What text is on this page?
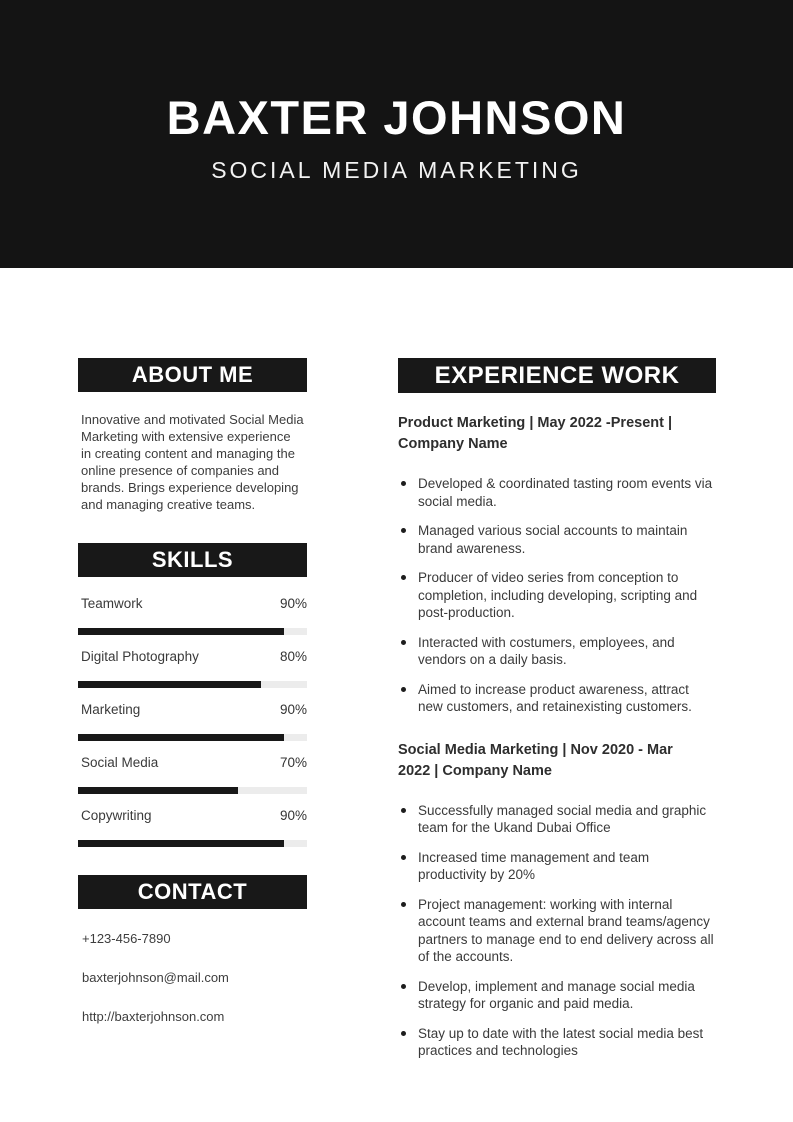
BAXTER JOHNSON
SOCIAL MEDIA MARKETING
ABOUT ME

Innovative and motivated Social Media Marketing with extensive experience in creating content and managing the online presence of companies and brands. Brings experience developing and managing creative teams.

SKILLS
Teamwork	90%
Digital Photography	80%
Marketing	90%
Social Media	70%
Copywriting	90%
CONTACT
+123-456-7890
baxterjohnson@mail.com
http://baxterjohnson.com
EXPERIENCE WORK
Product Marketing | May 2022 -Present | Company Name
Developed & coordinated tasting room events via social media.
Managed various social accounts to maintain brand awareness.
Producer of video series from conception to completion, including developing, scripting and post-production.
Interacted with costumers, employees, and vendors on a daily basis.
Aimed to increase product awareness, attract new customers, and retainexisting customers.
Social Media Marketing | Nov 2020 - Mar 2022 | Company Name
Successfully managed social media and graphic team for the Ukand Dubai Office
Increased time management and team productivity by 20%
Project management: working with internal account teams and external brand teams/agency partners to manage end to end delivery across all of the accounts.
Develop, implement and manage social media strategy for organic and paid media.
Stay up to date with the latest social media best practices and technologies
